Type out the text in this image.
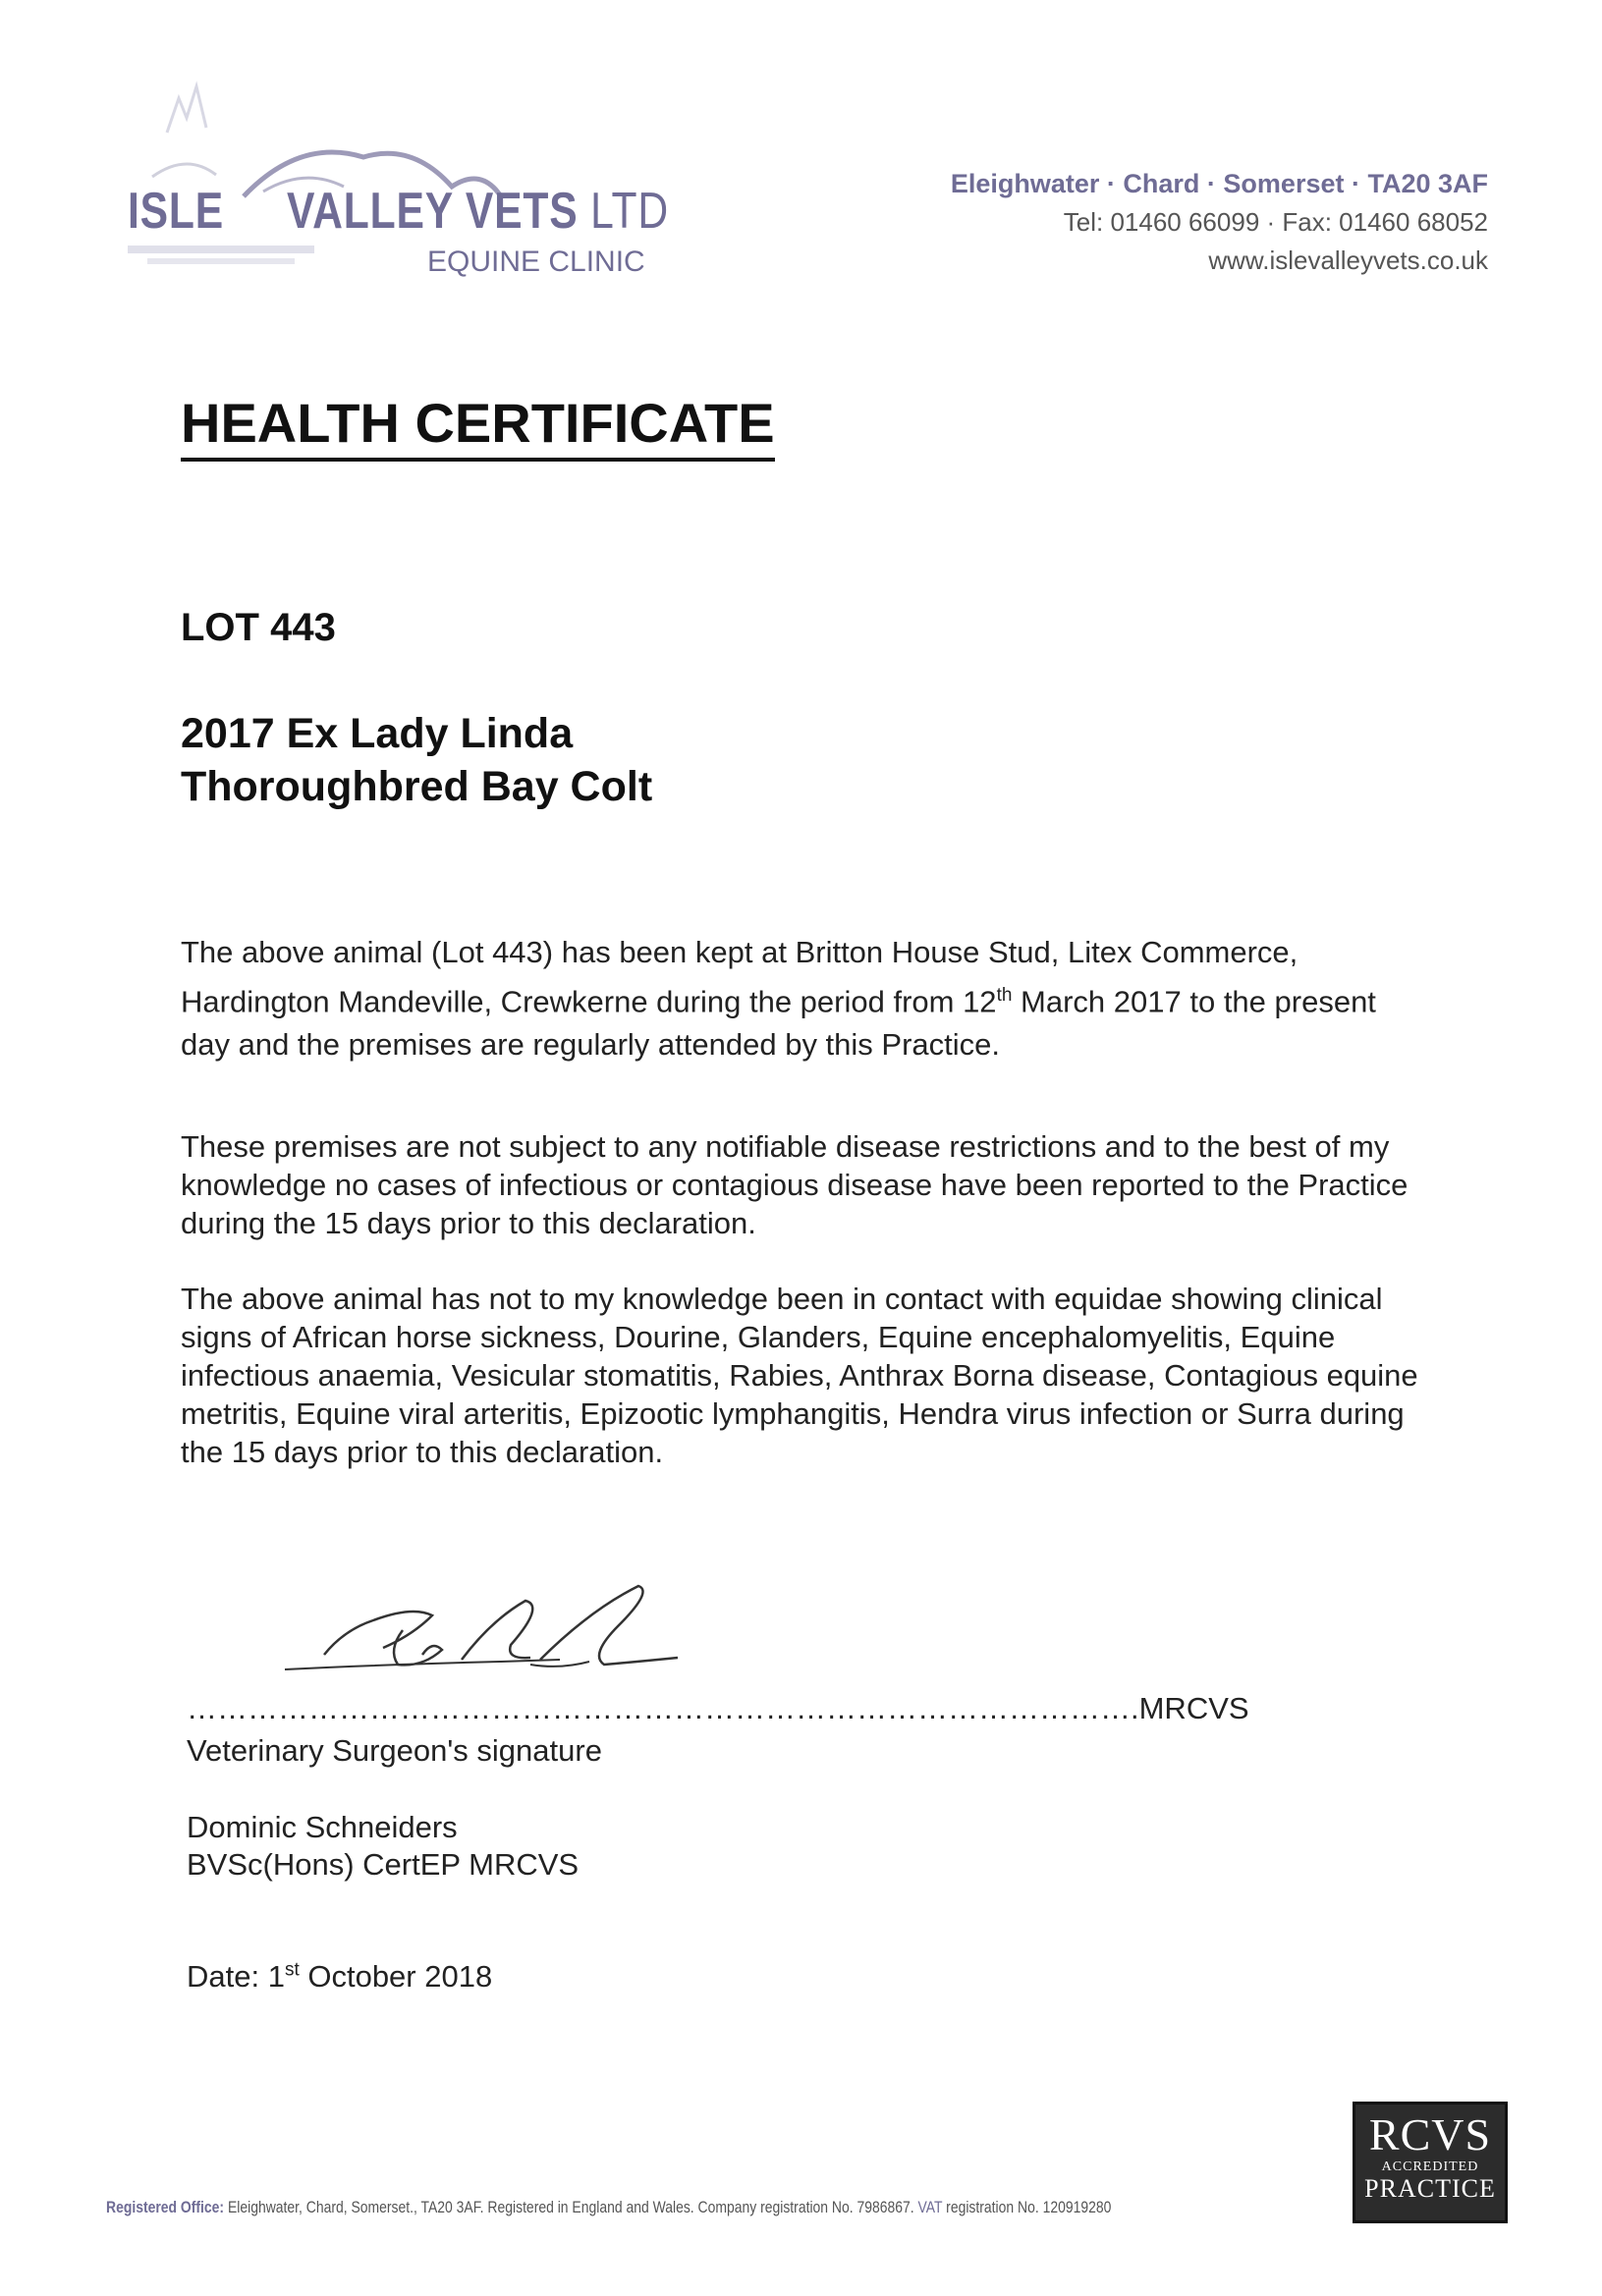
ISLE VALLEY VETS LTD
EQUINE CLINIC
Eleighwater · Chard · Somerset · TA20 3AF
Tel: 01460 66099 · Fax: 01460 68052
www.islevalleyvets.co.uk
HEALTH CERTIFICATE
LOT 443
2017 Ex Lady Linda
Thoroughbred Bay Colt
The above animal (Lot 443) has been kept at Britton House Stud, Litex Commerce, Hardington Mandeville, Crewkerne during the period from 12th March 2017 to the present day and the premises are regularly attended by this Practice.
These premises are not subject to any notifiable disease restrictions and to the best of my knowledge no cases of infectious or contagious disease have been reported to the Practice during the 15 days prior to this declaration.
The above animal has not to my knowledge been in contact with equidae showing clinical signs of African horse sickness, Dourine, Glanders, Equine encephalomyelitis, Equine infectious anaemia, Vesicular stomatitis, Rabies, Anthrax Borna disease, Contagious equine metritis, Equine viral arteritis, Epizootic lymphangitis, Hendra virus infection or Surra during the 15 days prior to this declaration.
………………………………………………………………………………….MRCVS
Veterinary Surgeon's signature
Dominic Schneiders
BVSc(Hons) CertEP MRCVS
Date: 1st October 2018
RCVS
ACCREDITED
PRACTICE
Registered Office: Eleighwater, Chard, Somerset., TA20 3AF. Registered in England and Wales. Company registration No. 7986867. VAT registration No. 120919280
